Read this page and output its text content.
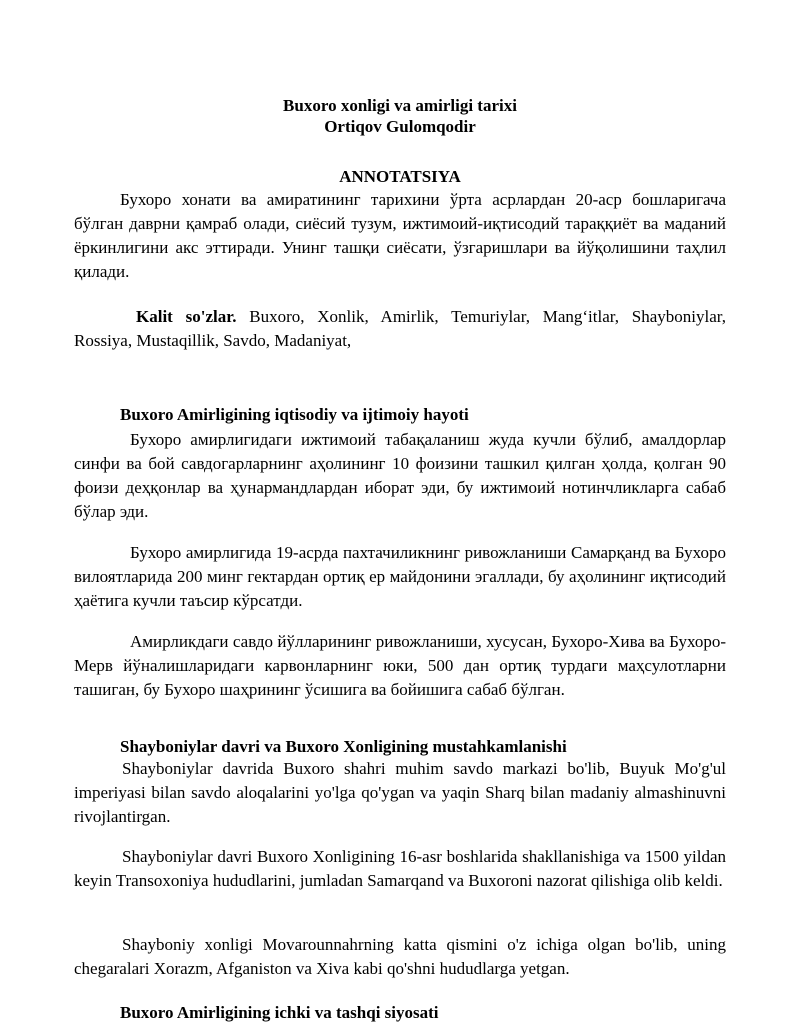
Buxoro xonligi va amirligi tarixi

Ortiqov Gulomqodir

ANNOTATSIYA

Бухоро хонати ва амиратининг тарихини ўрта асрлардан 20-аср бошларигача бўлган даврни қамраб олади, сиёсий тузум, ижтимоий-иқтисодий тараққиёт ва маданий ёркинлигини акс эттиради. Унинг ташқи сиёсати, ўзгаришлари ва йўқолишини таҳлил қилади.

Kalit so'zlar. Buxoro, Xonlik, Amirlik, Temuriylar, Mang‘itlar, Shayboniylar, Rossiya, Mustaqillik, Savdo, Madaniyat,

Buxoro Amirligining iqtisodiy va ijtimoiy hayoti

Бухоро амирлигидаги ижтимоий табақаланиш жуда кучли бўлиб, амалдорлар синфи ва бой савдогарларнинг аҳолининг 10 фоизини ташкил қилган ҳолда, қолган 90 фоизи деҳқонлар ва ҳунармандлардан иборат эди, бу ижтимоий нотинчликларга сабаб бўлар эди.

Бухоро амирлигида 19-асрда пахтачиликнинг ривожланиши Самарқанд ва Бухоро вилоятларида 200 минг гектардан ортиқ ер майдонини эгаллади, бу аҳолининг иқтисодий ҳаётига кучли таъсир кўрсатди.

Амирликдаги савдо йўлларининг ривожланиши, хусусан, Бухоро-Хива ва Бухоро-Мерв йўналишларидаги карвонларнинг юки, 500 дан ортиқ турдаги маҳсулотларни ташиган, бу Бухоро шаҳрининг ўсишига ва бойишига сабаб бўлган.

Shayboniylar davri va Buxoro Xonligining mustahkamlanishi

Shayboniylar davrida Buxoro shahri muhim savdo markazi bo'lib, Buyuk Mo'g'ul imperiyasi bilan savdo aloqalarini yo'lga qo'ygan va yaqin Sharq bilan madaniy almashinuvni rivojlantirgan.

Shayboniylar davri Buxoro Xonligining 16-asr boshlarida shakllanishiga va 1500 yildan keyin Transoxoniya hududlarini, jumladan Samarqand va Buxoroni nazorat qilishiga olib keldi.

Shayboniy xonligi Movarounnahrning katta qismini o'z ichiga olgan bo'lib, uning chegaralari Xorazm, Afganiston va Xiva kabi qo'shni hududlarga yetgan.

Buxoro Amirligining ichki va tashqi siyosati
